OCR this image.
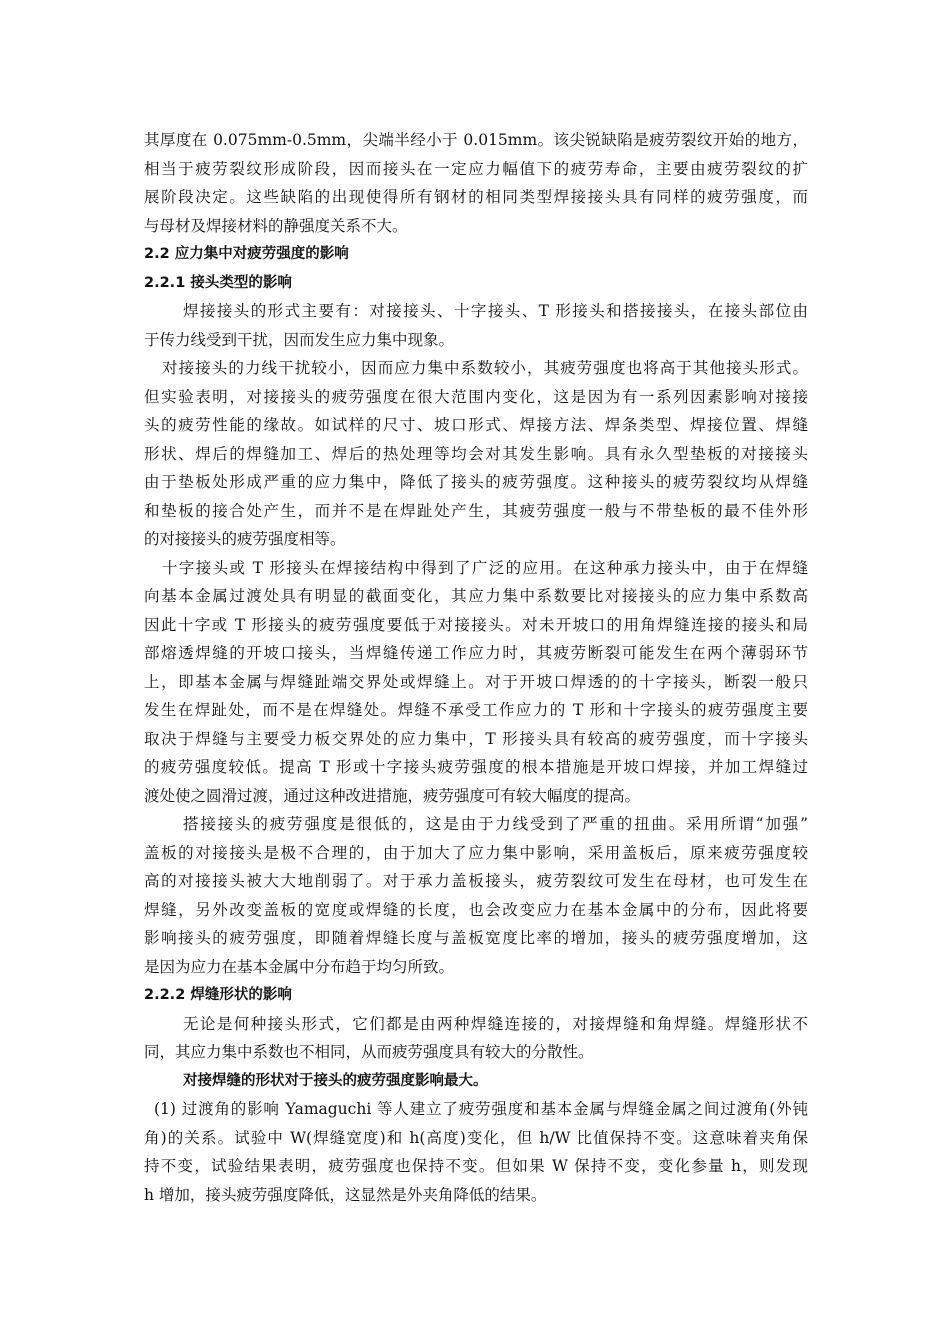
其厚度在 0.075mm-0.5mm，尖端半经小于 0.015mm。该尖锐缺陷是疲劳裂纹开始的地方，
相当于疲劳裂纹形成阶段，因而接头在一定应力幅值下的疲劳寿命，主要由疲劳裂纹的扩
展阶段决定。这些缺陷的出现使得所有钢材的相同类型焊接接头具有同样的疲劳强度，而
与母材及焊接材料的静强度关系不大。
2.2 应力集中对疲劳强度的影响
2.2.1 接头类型的影响
焊接接头的形式主要有：对接接头、十字接头、T 形接头和搭接接头，在接头部位由
于传力线受到干扰，因而发生应力集中现象。
对接接头的力线干扰较小，因而应力集中系数较小，其疲劳强度也将高于其他接头形式。
但实验表明，对接接头的疲劳强度在很大范围内变化，这是因为有一系列因素影响对接接
头的疲劳性能的缘故。如试样的尺寸、坡口形式、焊接方法、焊条类型、焊接位置、焊缝
形状、焊后的焊缝加工、焊后的热处理等均会对其发生影响。具有永久型垫板的对接接头
由于垫板处形成严重的应力集中，降低了接头的疲劳强度。这种接头的疲劳裂纹均从焊缝
和垫板的接合处产生，而并不是在焊趾处产生，其疲劳强度一般与不带垫板的最不佳外形
的对接接头的疲劳强度相等。
十字接头或 T 形接头在焊接结构中得到了广泛的应用。在这种承力接头中，由于在焊缝
向基本金属过渡处具有明显的截面变化，其应力集中系数要比对接接头的应力集中系数高
因此十字或 T 形接头的疲劳强度要低于对接接头。对未开坡口的用角焊缝连接的接头和局
部熔透焊缝的开坡口接头，当焊缝传递工作应力时，其疲劳断裂可能发生在两个薄弱环节
上，即基本金属与焊缝趾端交界处或焊缝上。对于开坡口焊透的的十字接头，断裂一般只
发生在焊趾处，而不是在焊缝处。焊缝不承受工作应力的 T 形和十字接头的疲劳强度主要
取决于焊缝与主要受力板交界处的应力集中，T 形接头具有较高的疲劳强度，而十字接头
的疲劳强度较低。提高 T 形或十字接头疲劳强度的根本措施是开坡口焊接，并加工焊缝过
渡处使之圆滑过渡，通过这种改进措施，疲劳强度可有较大幅度的提高。
搭接接头的疲劳强度是很低的，这是由于力线受到了严重的扭曲。采用所谓“加强”
盖板的对接接头是极不合理的，由于加大了应力集中影响，采用盖板后，原来疲劳强度较
高的对接接头被大大地削弱了。对于承力盖板接头，疲劳裂纹可发生在母材，也可发生在
焊缝，另外改变盖板的宽度或焊缝的长度，也会改变应力在基本金属中的分布，因此将要
影响接头的疲劳强度，即随着焊缝长度与盖板宽度比率的增加，接头的疲劳强度增加，这
是因为应力在基本金属中分布趋于均匀所致。
2.2.2 焊缝形状的影响
无论是何种接头形式，它们都是由两种焊缝连接的，对接焊缝和角焊缝。焊缝形状不
同，其应力集中系数也不相同，从而疲劳强度具有较大的分散性。
对接焊缝的形状对于接头的疲劳强度影响最大。
(1) 过渡角的影响 Yamaguchi 等人建立了疲劳强度和基本金属与焊缝金属之间过渡角(外钝
角)的关系。试验中 W(焊缝宽度)和 h(高度)变化，但 h/W 比值保持不变。这意味着夹角保
持不变，试验结果表明，疲劳强度也保持不变。但如果 W 保持不变，变化参量 h，则发现
h 增加，接头疲劳强度降低，这显然是外夹角降低的结果。
